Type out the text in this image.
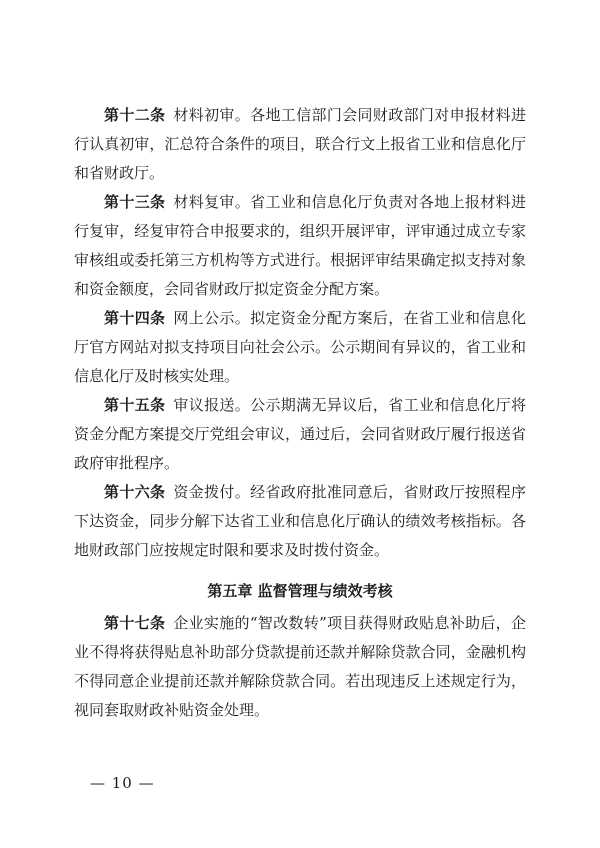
第十二条 材料初审。各地工信部门会同财政部门对申报材料进行认真初审，汇总符合条件的项目，联合行文上报省工业和信息化厅和省财政厅。

第十三条 材料复审。省工业和信息化厅负责对各地上报材料进行复审，经复审符合申报要求的，组织开展评审，评审通过成立专家审核组或委托第三方机构等方式进行。根据评审结果确定拟支持对象和资金额度，会同省财政厅拟定资金分配方案。

第十四条 网上公示。拟定资金分配方案后，在省工业和信息化厅官方网站对拟支持项目向社会公示。公示期间有异议的，省工业和信息化厅及时核实处理。

第十五条 审议报送。公示期满无异议后，省工业和信息化厅将资金分配方案提交厅党组会审议，通过后，会同省财政厅履行报送省政府审批程序。

第十六条 资金拨付。经省政府批准同意后，省财政厅按照程序下达资金，同步分解下达省工业和信息化厅确认的绩效考核指标。各地财政部门应按规定时限和要求及时拨付资金。

第五章 监督管理与绩效考核

第十七条 企业实施的“智改数转”项目获得财政贴息补助后，企业不得将获得贴息补助部分贷款提前还款并解除贷款合同，金融机构不得同意企业提前还款并解除贷款合同。若出现违反上述规定行为，视同套取财政补贴资金处理。

— 10 —
